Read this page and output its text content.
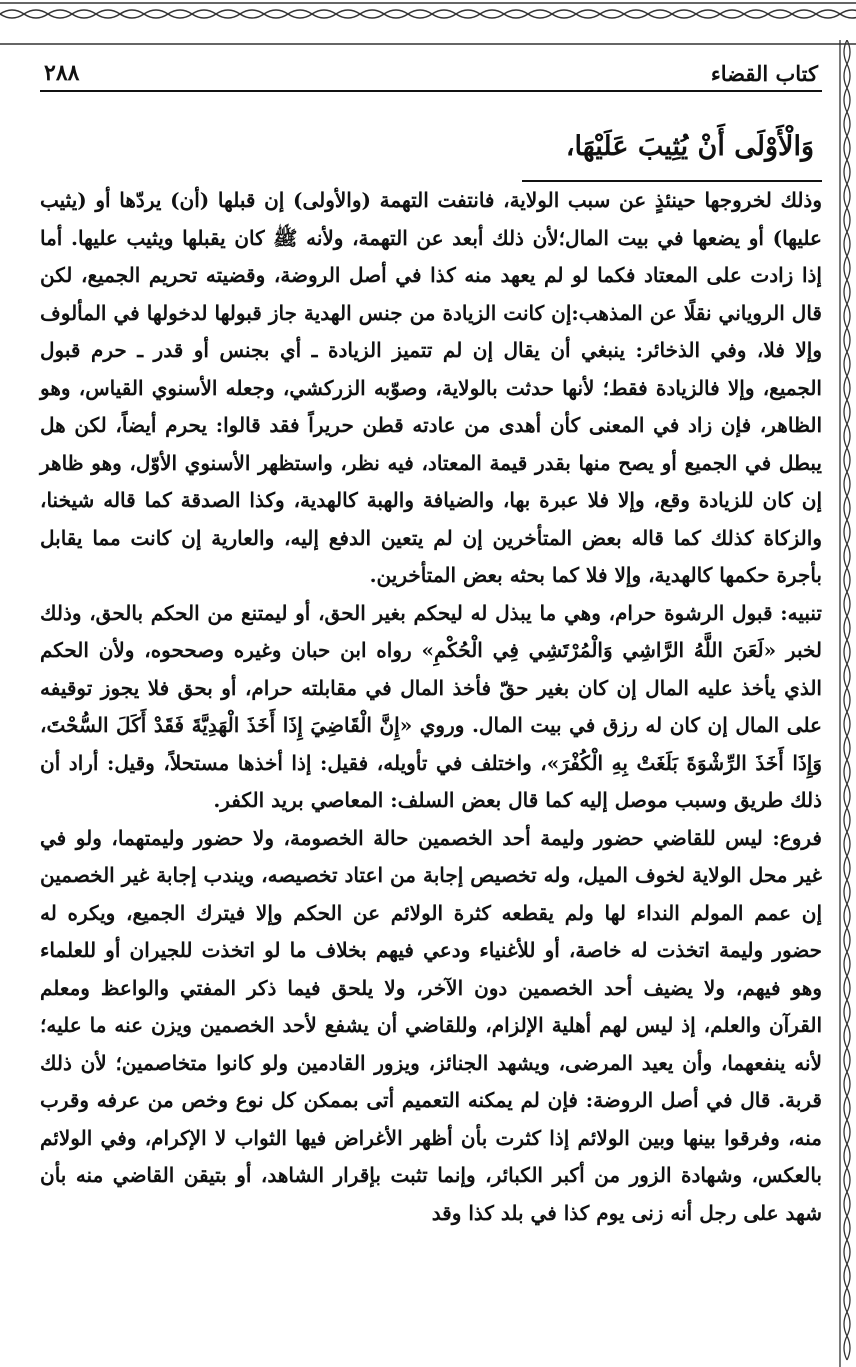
كتاب القضاء
٢٨٨
وَالْأَوْلَى أَنْ يُثِيبَ عَلَيْهَا،

وذلك لخروجها حينئذٍ عن سبب الولاية، فانتفت التهمة (والأولى) إن قبلها (أن) يردّها أو (يثيب عليها) أو يضعها في بيت المال؛لأن ذلك أبعد عن التهمة، ولأنه ﷺ كان يقبلها ويثيب عليها. أما إذا زادت على المعتاد فكما لو لم يعهد منه كذا في أصل الروضة، وقضيته تحريم الجميع، لكن قال الروياني نقلًا عن المذهب:إن كانت الزيادة من جنس الهدية جاز قبولها لدخولها في المألوف وإلا فلا، وفي الذخائر: ينبغي أن يقال إن لم تتميز الزيادة ـ أي بجنس أو قدر ـ حرم قبول الجميع، وإلا فالزيادة فقط؛ لأنها حدثت بالولاية، وصوّبه الزركشي، وجعله الأسنوي القياس، وهو الظاهر، فإن زاد في المعنى كأن أهدى من عادته قطن حريراً فقد قالوا: يحرم أيضاً، لكن هل يبطل في الجميع أو يصح منها بقدر قيمة المعتاد، فيه نظر، واستظهر الأسنوي الأوّل، وهو ظاهر إن كان للزيادة وقع، وإلا فلا عبرة بها، والضيافة والهبة كالهدية، وكذا الصدقة كما قاله شيخنا، والزكاة كذلك كما قاله بعض المتأخرين إن لم يتعين الدفع إليه، والعارية إن كانت مما يقابل بأجرة حكمها كالهدية، وإلا فلا كما بحثه بعض المتأخرين.

تنبيه: قبول الرشوة حرام، وهي ما يبذل له ليحكم بغير الحق، أو ليمتنع من الحكم بالحق، وذلك لخبر «لَعَنَ اللَّهُ الرَّاشِي وَالْمُرْتَشِي فِي الْحُكْمِ» رواه ابن حبان وغيره وصححوه، ولأن الحكم الذي يأخذ عليه المال إن كان بغير حقّ فأخذ المال في مقابلته حرام، أو بحق فلا يجوز توقيفه على المال إن كان له رزق في بيت المال. وروي «إِنَّ الْقَاضِيَ إِذَا أَخَذَ الْهَدِيَّةَ فَقَدْ أَكَلَ السُّحْتَ، وَإِذَا أَخَذَ الرِّشْوَةَ بَلَغَتْ بِهِ الْكُفْرَ»، واختلف في تأويله، فقيل: إذا أخذها مستحلاً، وقيل: أراد أن ذلك طريق وسبب موصل إليه كما قال بعض السلف: المعاصي بريد الكفر.

فروع: ليس للقاضي حضور وليمة أحد الخصمين حالة الخصومة، ولا حضور وليمتهما، ولو في غير محل الولاية لخوف الميل، وله تخصيص إجابة من اعتاد تخصيصه، ويندب إجابة غير الخصمين إن عمم المولم النداء لها ولم يقطعه كثرة الولائم عن الحكم وإلا فيترك الجميع، ويكره له حضور وليمة اتخذت له خاصة، أو للأغنياء ودعي فيهم بخلاف ما لو اتخذت للجيران أو للعلماء وهو فيهم، ولا يضيف أحد الخصمين دون الآخر، ولا يلحق فيما ذكر المفتي والواعظ ومعلم القرآن والعلم، إذ ليس لهم أهلية الإلزام، وللقاضي أن يشفع لأحد الخصمين ويزن عنه ما عليه؛ لأنه ينفعهما، وأن يعيد المرضى، ويشهد الجنائز، ويزور القادمين ولو كانوا متخاصمين؛ لأن ذلك قربة. قال في أصل الروضة: فإن لم يمكنه التعميم أتى بممكن كل نوع وخص من عرفه وقرب منه، وفرقوا بينها وبين الولائم إذا كثرت بأن أظهر الأغراض فيها الثواب لا الإكرام، وفي الولائم بالعكس، وشهادة الزور من أكبر الكبائر، وإنما تثبت بإقرار الشاهد، أو بتيقن القاضي منه بأن شهد على رجل أنه زنى يوم كذا في بلد كذا وقد
